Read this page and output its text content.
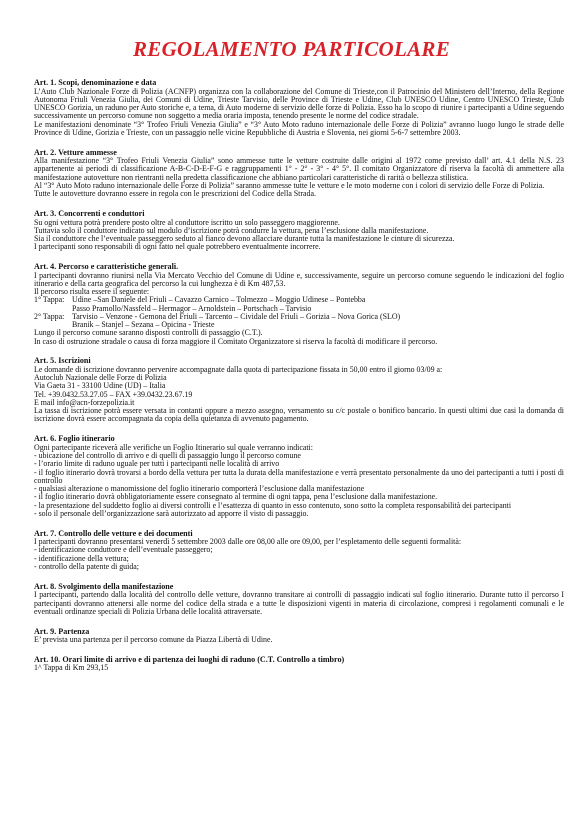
REGOLAMENTO PARTICOLARE
Art. 1. Scopi, denominazione e data
L’Auto Club Nazionale Forze di Polizia (ACNFP) organizza con la collaborazione del Comune di Trieste,con il Patrocinio del Ministero dell’Interno, della Regione Autonoma Friuli Venezia Giulia, dei Comuni di Udine, Trieste Tarvisio, delle Province di Trieste e Udine, Club UNESCO Udine, Centro UNESCO Trieste, Club UNESCO Gorizia, un raduno per Auto storiche e, a tema, di Auto moderne di servizio delle forze di Polizia. Esso ha lo scopo di riunire i partecipanti a Udine seguendo successivamente un percorso comune non soggetto a media oraria imposta, tenendo presente le norme del codice stradale.
Le manifestazioni denominate “3° Trofeo Friuli Venezia Giulia” e “3° Auto Moto raduno internazionale delle Forze di Polizia” avranno luogo lungo le strade delle Province di Udine, Gorizia e Trieste, con un passaggio nelle vicine Repubbliche di Austria e Slovenia, nei giorni 5-6-7 settembre 2003.
Art. 2. Vetture ammesse
Alla manifestazione “3° Trofeo Friuli Venezia Giulia” sono ammesse tutte le vetture costruite dalle origini al 1972 come previsto dall’ art. 4.1 della N.S. 23 appartenente ai periodi di classificazione A-B-C-D-E-F-G e raggruppamenti 1° - 2° - 3° - 4° 5°. Il comitato Organizzatore di riserva la facoltà di ammettere alla manifestazione autovetture non rientranti nella predetta classificazione che abbiano particolari caratteristiche di rarità o bellezza stilistica.
Al “3° Auto Moto raduno internazionale delle Forze di Polizia” saranno ammesse tutte le vetture e le moto moderne con i colori di servizio delle Forze di Polizia.
Tutte le autovetture dovranno essere in regola con le prescrizioni del Codice della Strada.
Art. 3. Concorrenti e conduttori
Su ogni vettura potrà prendere posto oltre al conduttore iscritto un solo passeggero maggiorenne.
Tuttavia solo il conduttore indicato sul modulo d’iscrizione potrà condurre la vettura, pena l’esclusione dalla manifestazione.
Sia il conduttore che l’eventuale passeggero seduto al fianco devono allacciare durante tutta la manifestazione le cinture di sicurezza.
I partecipanti sono responsabili di ogni fatto nel quale potrebbero eventualmente incorrere.
Art. 4. Percorso e caratteristiche generali.
I partecipanti dovranno riunirsi nella Via Mercato Vecchio del Comune di Udine e, successivamente, seguire un percorso comune seguendo le indicazioni del foglio itinerario e della carta geografica del percorso la cui lunghezza è di Km 487,53.
Il percorso risulta essere il seguente:
1° Tappa: Udine –San Daniele del Friuli – Cavazzo Carnico – Tolmezzo – Moggio Udinese – Pontebba
Passo Pramollo/Nassfeld – Hermagor – Arnoldstein – Portschach – Tarvisio
2° Tappa: Tarvisio – Venzone - Gemona del Friuli – Tarcento – Cividale del Friuli – Gorizia – Nova Gorica (SLO)
Branik – Stanjel – Sezana – Opicina - Trieste
Lungo il percorso comune saranno disposti controlli di passaggio (C.T.).
In caso di ostruzione stradale o causa di forza maggiore il Comitato Organizzatore si riserva la facoltà di modificare il percorso.
Art. 5. Iscrizioni
Le domande di iscrizione dovranno pervenire accompagnate dalla quota di partecipazione fissata in 50,00 entro il giorno 03/09 a:
Autoclub Nazionale delle Forze di Polizia
Via Gaeta 31 - 33100 Udine (UD) – Italia
Tel. +39.0432.53.27.05 – FAX +39.0432.23.67.19
E mail info@acn-forzepolizia.it
La tassa di iscrizione potrà essere versata in contanti oppure a mezzo assegno, versamento su c/c postale o bonifico bancario. In questi ultimi due casi la domanda di iscrizione dovrà essere accompagnata da copia della quietanza di avvenuto pagamento.
Art. 6. Foglio itinerario
Ogni partecipante riceverà alle verifiche un Foglio Itinerario sul quale verranno indicati:
- ubicazione del controllo di arrivo e di quelli di passaggio lungo il percorso comune
- l’orario limite di raduno uguale per tutti i partecipanti nelle località di arrivo
- il foglio itinerario dovrà trovarsi a bordo della vettura per tutta la durata della manifestazione e verrà presentato personalmente da uno dei partecipanti a tutti i posti di controllo
- qualsiasi alterazione o manomissione del foglio itinerario comporterà l’esclusione dalla manifestazione
- il foglio itinerario dovrà obbligatoriamente essere consegnato al termine di ogni tappa, pena l’esclusione dalla manifestazione.
- la presentazione del suddetto foglio ai diversi controlli e l’esattezza di quanto in esso contenuto, sono sotto la completa responsabilità dei partecipanti
- solo il personale dell’organizzazione sarà autorizzato ad apporre il visto di passaggio.
Art. 7. Controllo delle vetture e dei documenti
I partecipanti dovranno presentarsi venerdì 5 settembre 2003 dalle ore 08,00 alle ore 09,00, per l’espletamento delle seguenti formalità:
- identificazione conduttore e dell’eventuale passeggero;
- identificazione della vettura;
- controllo della patente di guida;
Art. 8. Svolgimento della manifestazione
I partecipanti, partendo dalla località del controllo delle vetture, dovranno transitare ai controlli di passaggio indicati sul foglio itinerario. Durante tutto il percorso I partecipanti dovranno attenersi alle norme del codice della strada e a tutte le disposizioni vigenti in materia di circolazione, compresi i regolamenti comunali e le eventuali ordinanze speciali di Polizia Urbana delle località attraversate.
Art. 9. Partenza
E’ prevista una partenza per il percorso comune da Piazza Libertà di Udine.
Art. 10. Orari limite di arrivo e di partenza dei luoghi di raduno (C.T. Controllo a timbro)
1^ Tappa di Km 293,15
